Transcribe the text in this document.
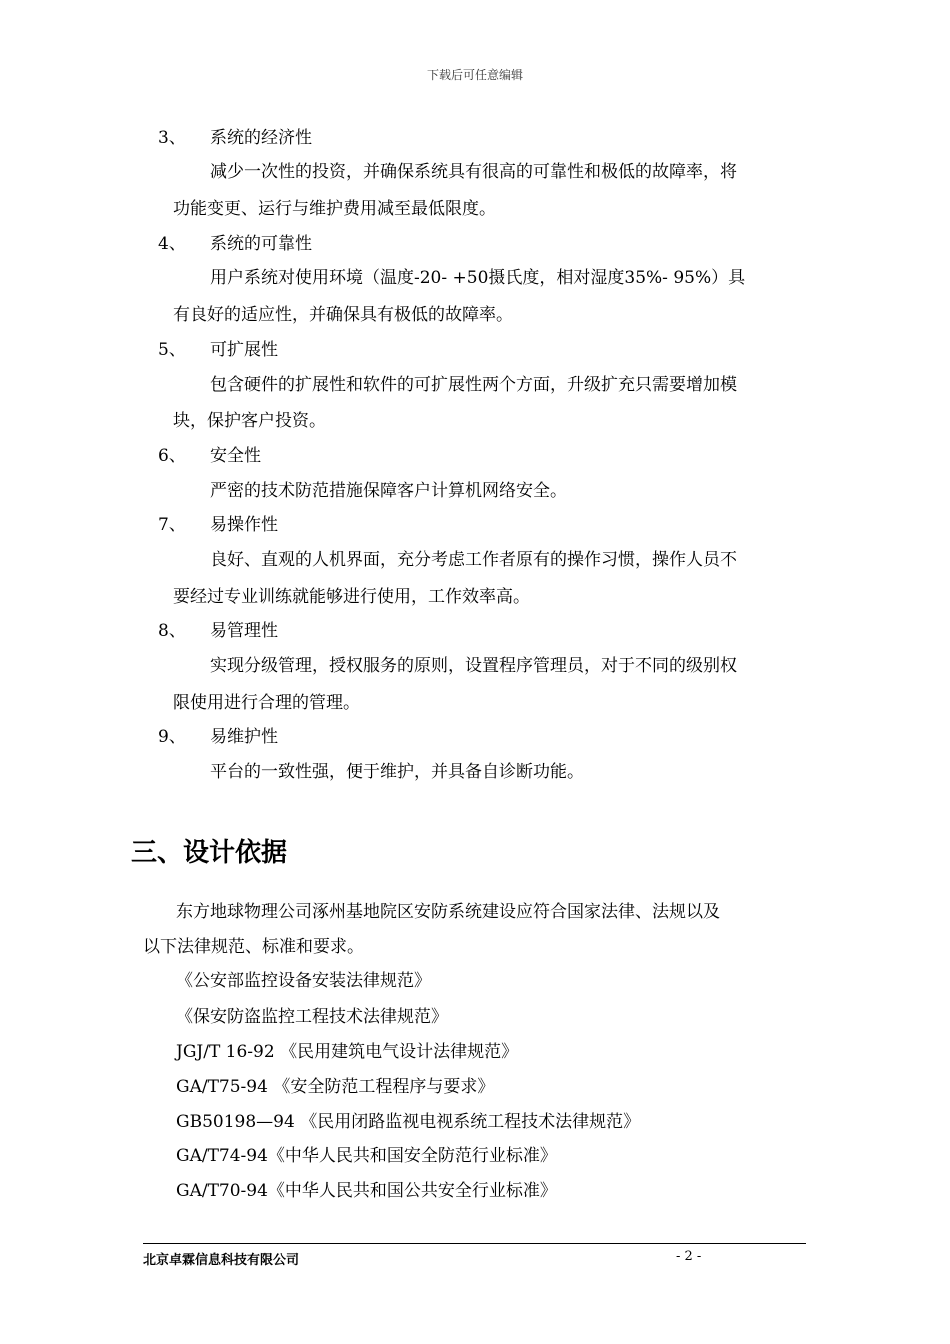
下载后可任意编辑
3、 系统的经济性
减少一次性的投资，并确保系统具有很高的可靠性和极低的故障率，将
功能变更、运行与维护费用减至最低限度。
4、 系统的可靠性
用户系统对使用环境（温度-20- +50摄氏度，相对湿度35%- 95%）具
有良好的适应性，并确保具有极低的故障率。
5、 可扩展性
包含硬件的扩展性和软件的可扩展性两个方面，升级扩充只需要增加模
块，保护客户投资。
6、 安全性
严密的技术防范措施保障客户计算机网络安全。
7、 易操作性
良好、直观的人机界面，充分考虑工作者原有的操作习惯，操作人员不
要经过专业训练就能够进行使用，工作效率高。
8、 易管理性
实现分级管理，授权服务的原则，设置程序管理员，对于不同的级别权
限使用进行合理的管理。
9、 易维护性
平台的一致性强，便于维护，并具备自诊断功能。
三、设计依据
东方地球物理公司涿州基地院区安防系统建设应符合国家法律、法规以及
以下法律规范、标准和要求。
《公安部监控设备安装法律规范》
《保安防盗监控工程技术法律规范》
JGJ/T 16-92 《民用建筑电气设计法律规范》
GA/T75-94 《安全防范工程程序与要求》
GB50198—94 《民用闭路监视电视系统工程技术法律规范》
GA/T74-94《中华人民共和国安全防范行业标准》
GA/T70-94《中华人民共和国公共安全行业标准》
北京卓霖信息科技有限公司	- 2 -
